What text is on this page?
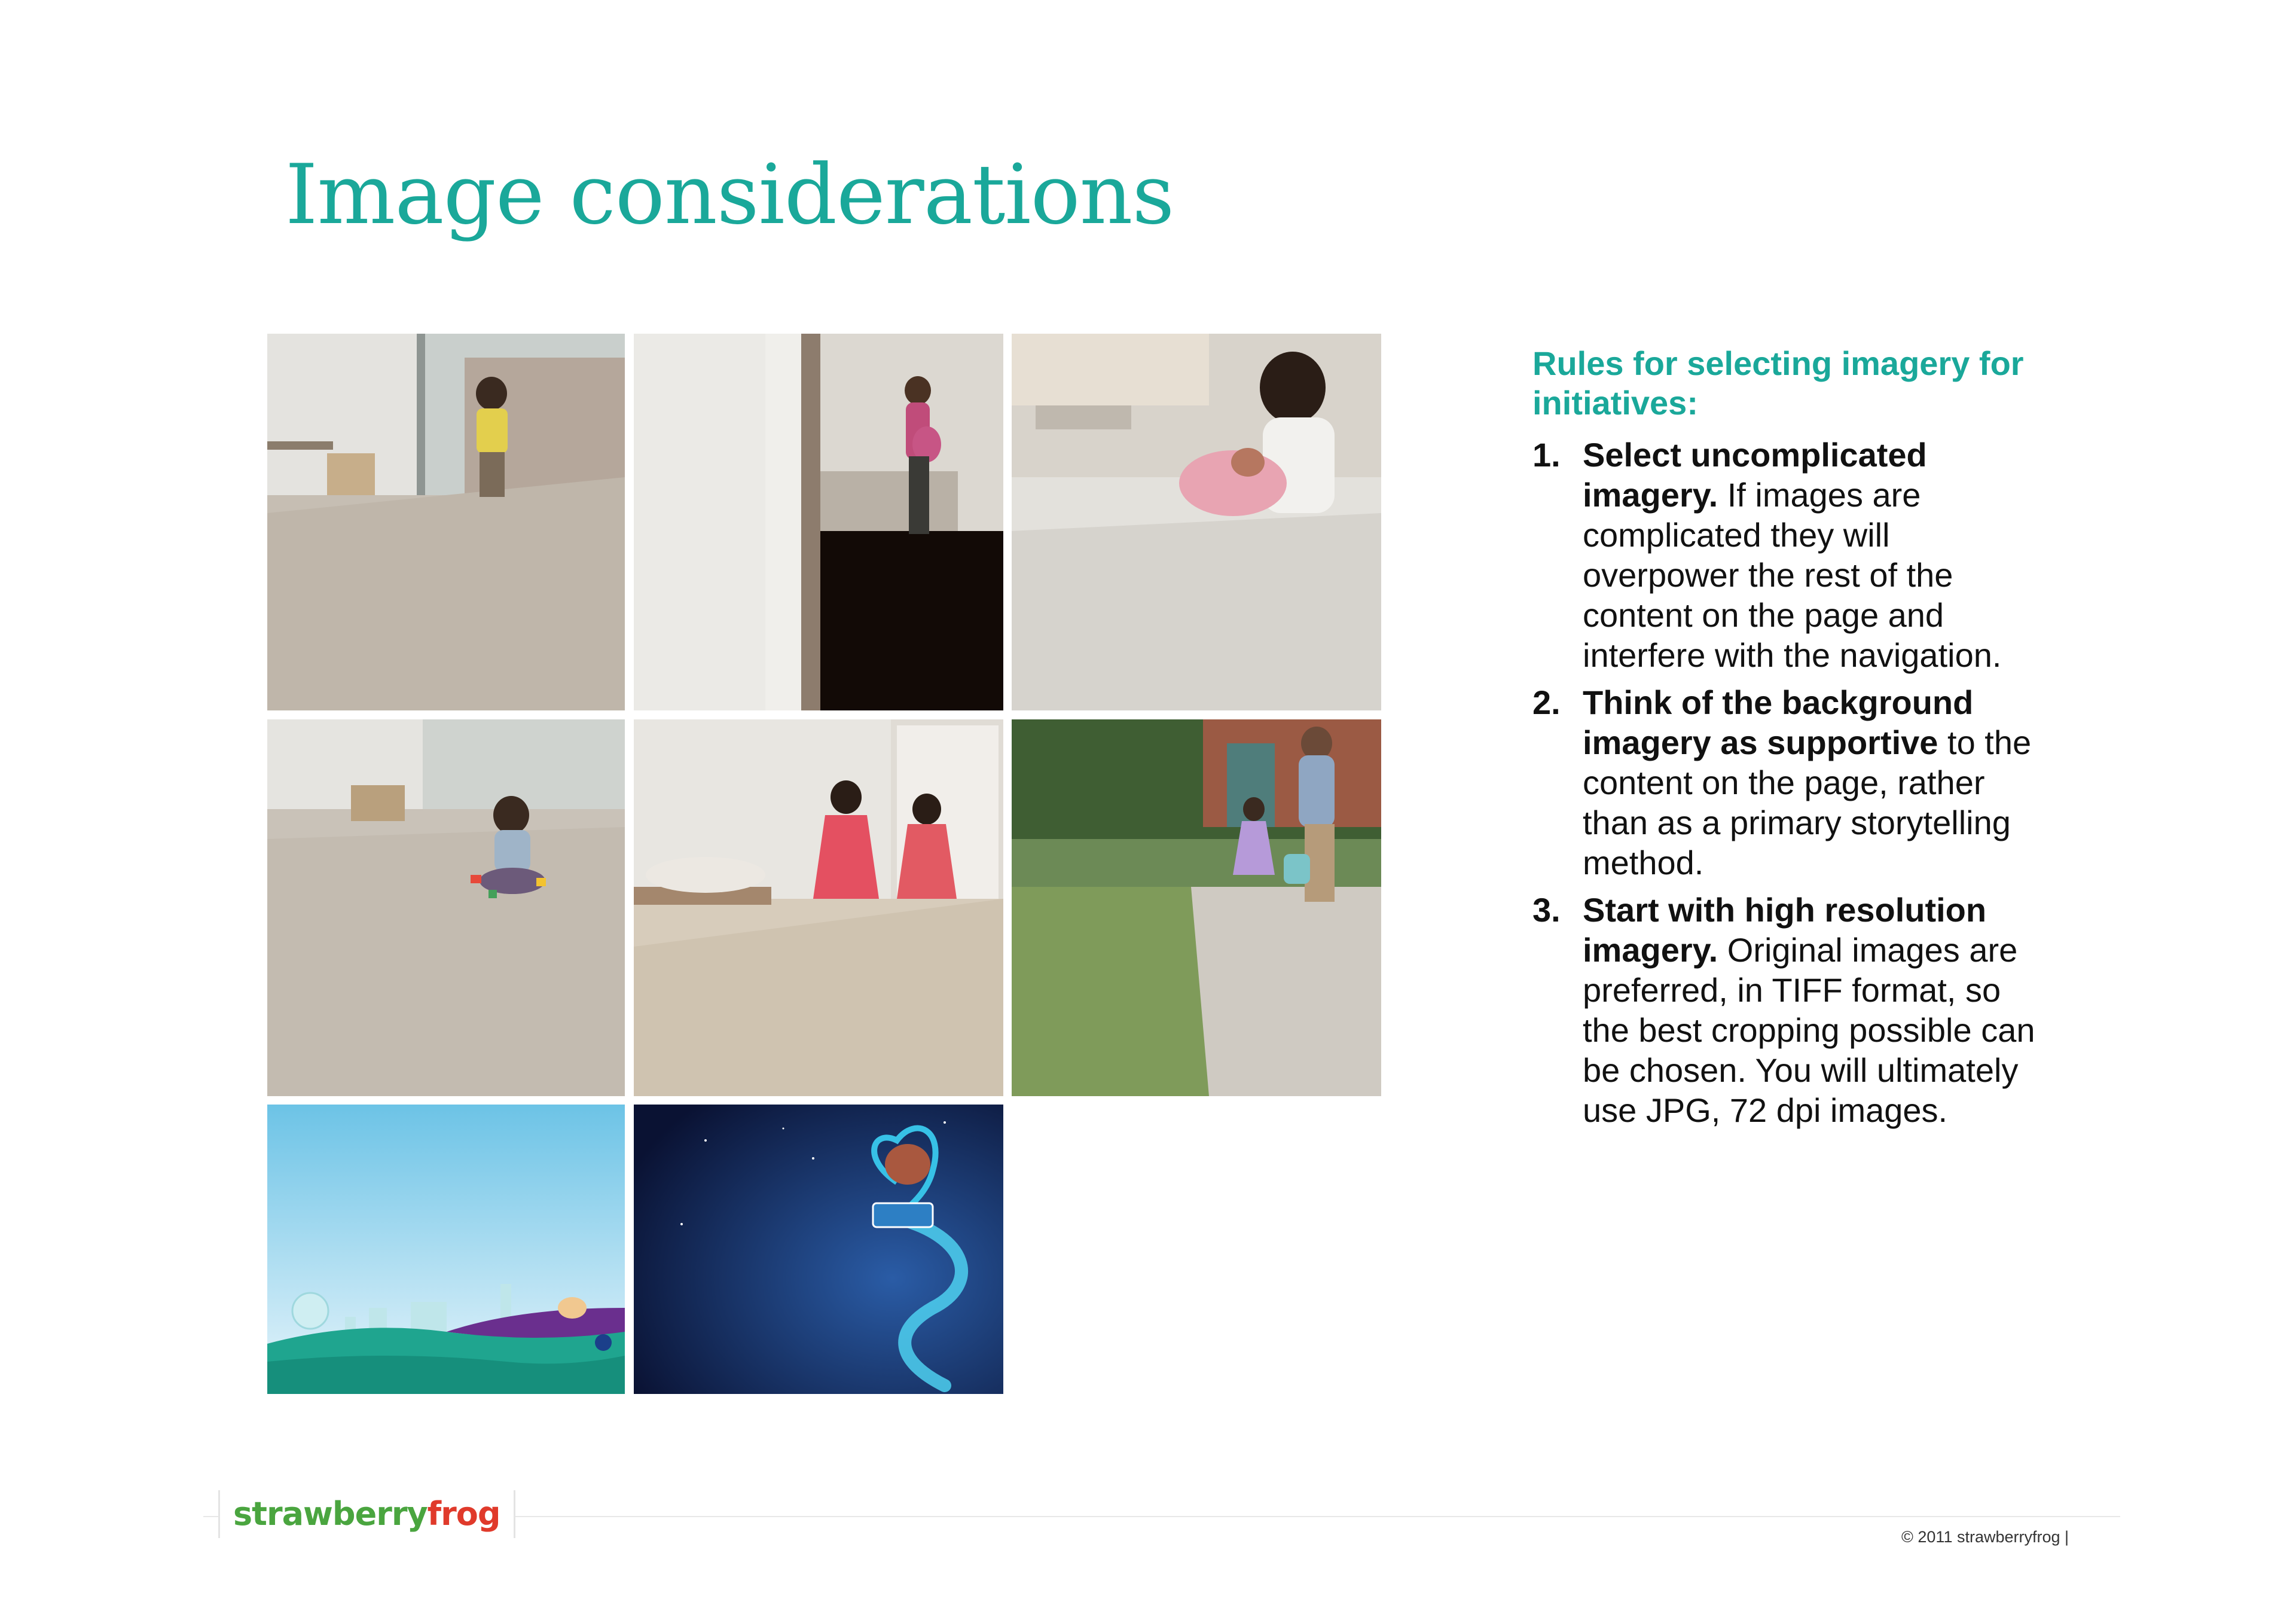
Image considerations
Rules for selecting imagery for initiatives:
1. Select uncomplicated imagery. If images are complicated they will overpower the rest of the content on the page and interfere with the navigation.
2. Think of the background imagery as supportive to the content on the page, rather than as a primary storytelling method.
3. Start with high resolution imagery. Original images are preferred, in TIFF format, so the best cropping possible can be chosen. You will ultimately use JPG, 72 dpi images.
strawberryfrog
© 2011 strawberryfrog |
